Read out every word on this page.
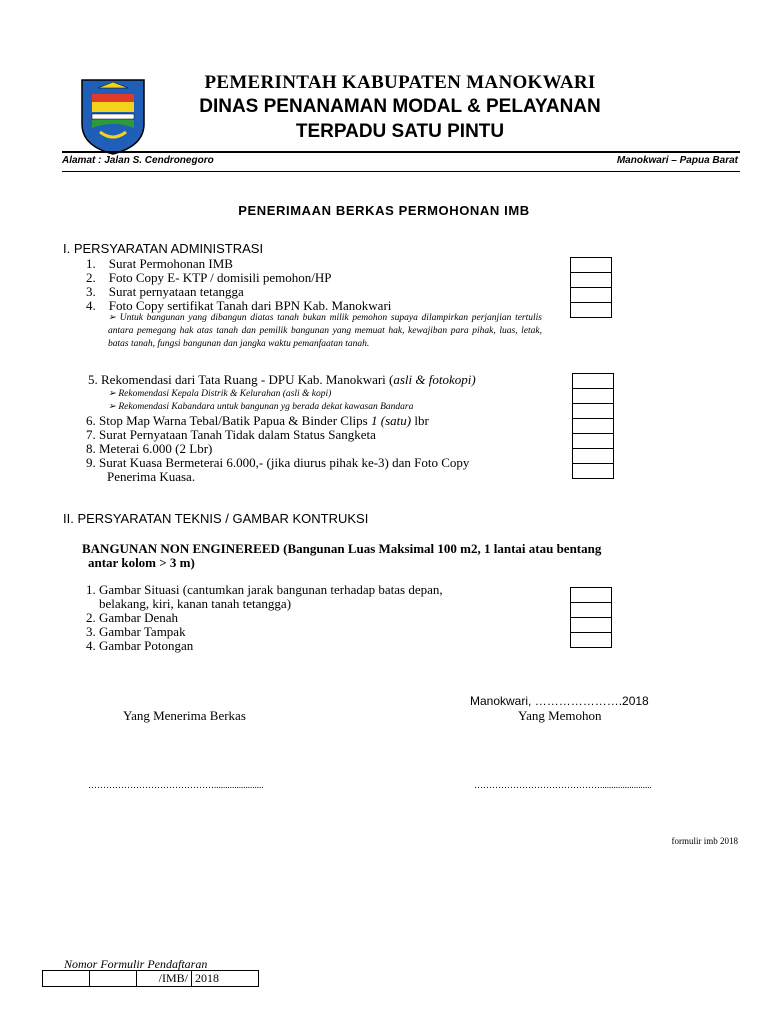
PEMERINTAH KABUPATEN MANOKWARI
DINAS PENANAMAN MODAL & PELAYANAN
TERPADU SATU PINTU
Alamat : Jalan S. Cendronegoro	Manokwari – Papua Barat
PENERIMAAN BERKAS PERMOHONAN IMB
I. PERSYARATAN ADMINISTRASI
1. Surat Permohonan IMB
2. Foto Copy E- KTP / domisili pemohon/HP
3. Surat pernyataan tetangga
4. Foto Copy sertifikat Tanah dari BPN Kab. Manokwari
➢ Untuk bangunan yang dibangun diatas tanah bukan milik pemohon supaya dilampirkan perjanjian tertulis antara pemegang hak atas tanah dan pemilik bangunan yang memuat hak, kewajiban para pihak, luas, letak, batas tanah, fungsi bangunan dan jangka waktu pemanfaatan tanah.
5. Rekomendasi dari Tata Ruang - DPU Kab. Manokwari (asli & fotokopi)
➢ Rekomendasi Kepala Distrik & Kelurahan (asli & kopi)
➢ Rekomendasi Kabandara untuk bangunan yg berada dekat kawasan Bandara
6. Stop Map Warna Tebal/Batik Papua & Binder Clips 1 (satu) lbr
7. Surat Pernyataan Tanah Tidak dalam Status Sangketa
8. Meterai 6.000 (2 Lbr)
9. Surat Kuasa Bermeterai 6.000,- (jika diurus pihak ke-3) dan Foto Copy
Penerima Kuasa.
II. PERSYARATAN TEKNIS / GAMBAR KONTRUKSI
BANGUNAN NON ENGINEREED (Bangunan Luas Maksimal 100 m2, 1 lantai atau bentang
antar kolom > 3 m)
1. Gambar Situasi (cantumkan jarak bangunan terhadap batas depan,
belakang, kiri, kanan tanah tetangga)
2. Gambar Denah
3. Gambar Tampak
4. Gambar Potongan
Manokwari, ………………….2018
Yang Menerima Berkas	Yang Memohon
……………………………………......................	…………………………………….......................
formulir imb 2018
Nomor Formulir Pendaftaran
		/IMB/	2018
